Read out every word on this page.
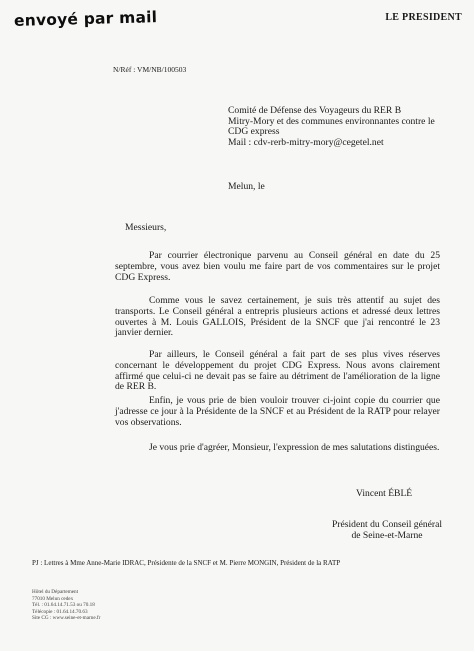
envoyé par mail	LE PRESIDENT
N/Réf : VM/NB/100503
Comité de Défense des Voyageurs du RER B
Mitry-Mory et des communes environnantes contre le
CDG express
Mail : cdv-rerb-mitry-mory@cegetel.net
Melun, le
Messieurs,
Par courrier électronique parvenu au Conseil général en date du 25 septembre, vous avez bien voulu me faire part de vos commentaires sur le projet CDG Express.
Comme vous le savez certainement, je suis très attentif au sujet des transports. Le Conseil général a entrepris plusieurs actions et adressé deux lettres ouvertes à M. Louis GALLOIS, Président de la SNCF que j'ai rencontré le 23 janvier dernier.
Par ailleurs, le Conseil général a fait part de ses plus vives réserves concernant le développement du projet CDG Express. Nous avons clairement affirmé que celui-ci ne devait pas se faire au détriment de l'amélioration de la ligne de RER B.
Enfin, je vous prie de bien vouloir trouver ci-joint copie du courrier que j'adresse ce jour à la Présidente de la SNCF et au Président de la RATP pour relayer vos observations.
Je vous prie d'agréer, Monsieur, l'expression de mes salutations distinguées.
Vincent ÉBLÉ
Président du Conseil général
de Seine-et-Marne
PJ : Lettres à Mme Anne-Marie IDRAC, Présidente de la SNCF et M. Pierre MONGIN, Président de la RATP
Hôtel du Département
77010 Melun cedex
Tél. : 01.64.14.71.53 ou 70.18
Télécopie : 01.64.14.70.63
Site CG : www.seine-et-marne.fr
